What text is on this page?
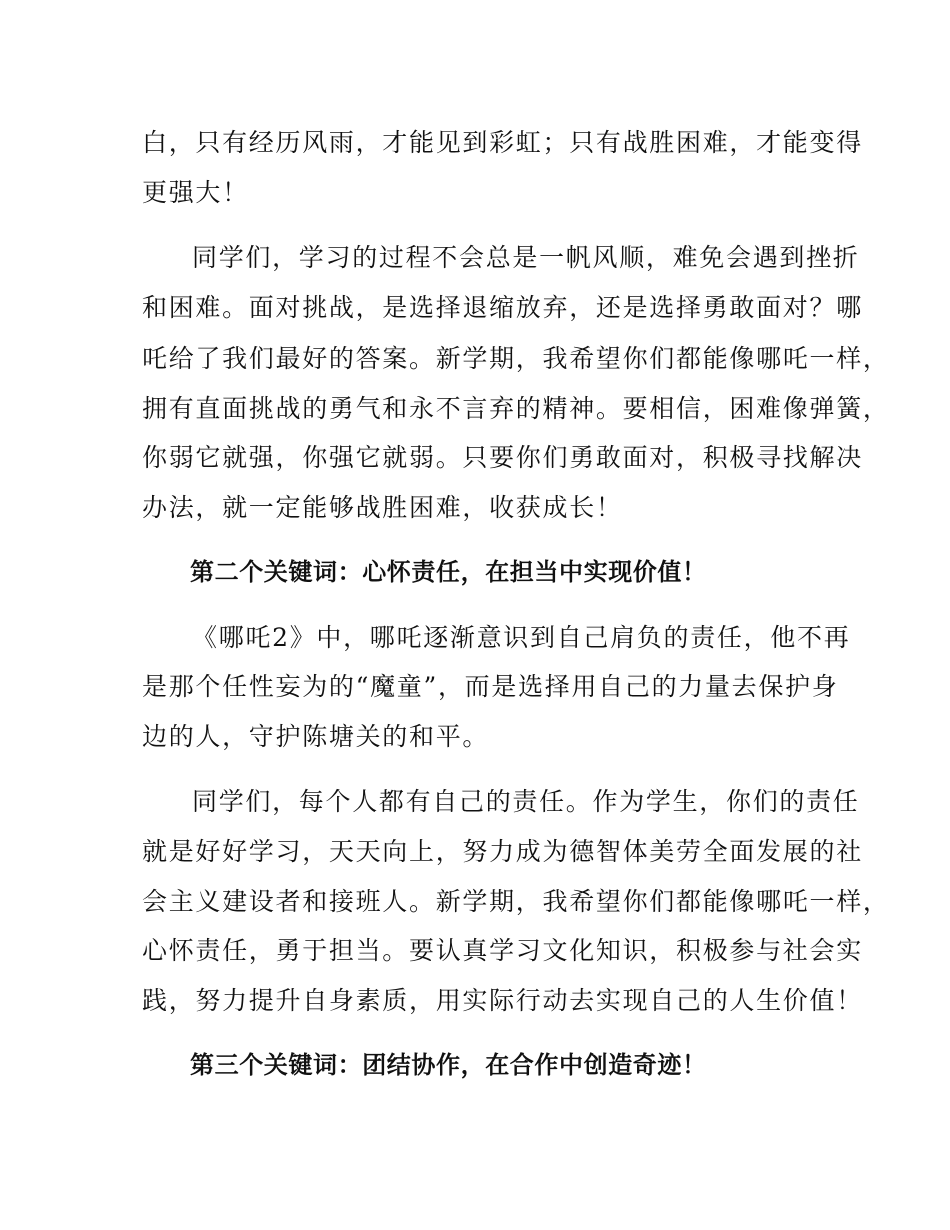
白，只有经历风雨，才能见到彩虹；只有战胜困难，才能变得
更强大！
同学们，学习的过程不会总是一帆风顺，难免会遇到挫折
和困难。面对挑战，是选择退缩放弃，还是选择勇敢面对？哪
吒给了我们最好的答案。新学期，我希望你们都能像哪吒一样，
拥有直面挑战的勇气和永不言弃的精神。要相信，困难像弹簧，
你弱它就强，你强它就弱。只要你们勇敢面对，积极寻找解决
办法，就一定能够战胜困难，收获成长！
第二个关键词：心怀责任，在担当中实现价值！
《哪吒2》中，哪吒逐渐意识到自己肩负的责任，他不再
是那个任性妄为的“魔童”，而是选择用自己的力量去保护身
边的人，守护陈塘关的和平。
同学们，每个人都有自己的责任。作为学生，你们的责任
就是好好学习，天天向上，努力成为德智体美劳全面发展的社
会主义建设者和接班人。新学期，我希望你们都能像哪吒一样，
心怀责任，勇于担当。要认真学习文化知识，积极参与社会实
践，努力提升自身素质，用实际行动去实现自己的人生价值！
第三个关键词：团结协作，在合作中创造奇迹！
